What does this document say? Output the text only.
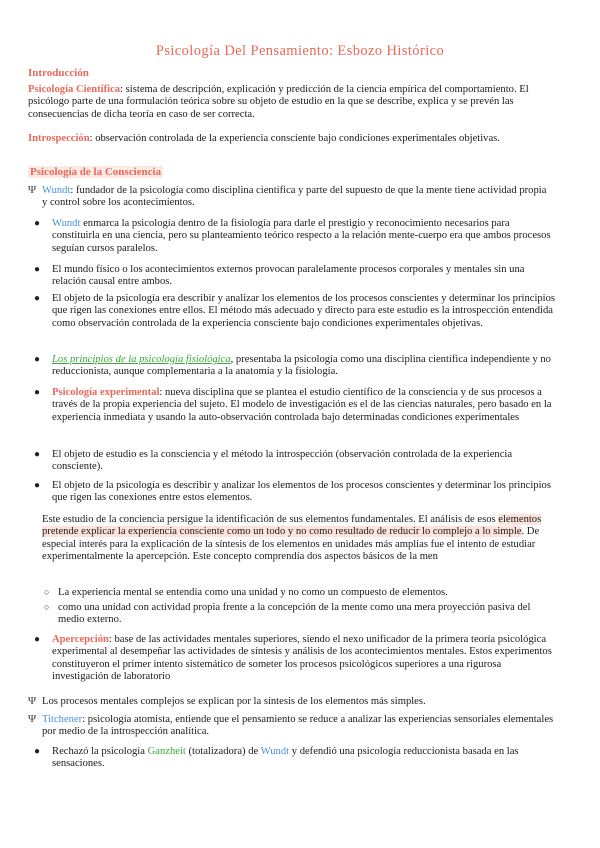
Psicología Del Pensamiento: Esbozo Histórico
Introducción
Psicología Científica: sistema de descripción, explicación y predicción de la ciencia empírica del comportamiento. El psicólogo parte de una formulación teórica sobre su objeto de estudio en la que se describe, explica y se prevén las consecuencias de dicha teoría en caso de ser correcta.
Introspección: observación controlada de la experiencia consciente bajo condiciones experimentales objetivas.
Psicología de la Consciencia
Ψ Wundt: fundador de la psicología como disciplina científica y parte del supuesto de que la mente tiene actividad propia y control sobre los acontecimientos.
● Wundt enmarca la psicología dentro de la fisiología para darle el prestigio y reconocimiento necesarios para constituirla en una ciencia, pero su planteamiento teórico respecto a la relación mente-cuerpo era que ambos procesos seguían cursos paralelos.
● El mundo físico o los acontecimientos externos provocan paralelamente procesos corporales y mentales sin una relación causal entre ambos.
● El objeto de la psicología era describir y analizar los elementos de los procesos conscientes y determinar los principios que rigen las conexiones entre ellos. El método más adecuado y directo para este estudio es la introspección entendida como observación controlada de la experiencia consciente bajo condiciones experimentales objetivas.
● Los principios de la psicología fisiológica, presentaba la psicología como una disciplina científica independiente y no reduccionista, aunque complementaria a la anatomía y la fisiología.
● Psicología experimental: nueva disciplina que se plantea el estudio científico de la consciencia y de sus procesos a través de la propia experiencia del sujeto. El modelo de investigación es el de las ciencias naturales, pero basado en la experiencia inmediata y usando la auto-observación controlada bajo determinadas condiciones experimentales
● El objeto de estudio es la consciencia y el método la introspección (observación controlada de la experiencia consciente).
● El objeto de la psicología es describir y analizar los elementos de los procesos conscientes y determinar los principios que rigen las conexiones entre estos elementos.
Este estudio de la conciencia persigue la identificación de sus elementos fundamentales. El análisis de esos elementos pretende explicar la experiencia consciente como un todo y no como resultado de reducir lo complejo a lo simple. De especial interés para la explicación de la síntesis de los elementos en unidades más amplias fue el intento de estudiar experimentalmente la apercepción. Este concepto comprendía dos aspectos básicos de la men
○ La experiencia mental se entendía como una unidad y no como un compuesto de elementos.
○ como una unidad con actividad propia frente a la concepción de la mente como una mera proyección pasiva del medio externo.
● Apercepción: base de las actividades mentales superiores, siendo el nexo unificador de la primera teoría psicológica experimental al desempeñar las actividades de síntesis y análisis de los acontecimientos mentales. Estos experimentos constituyeron el primer intento sistemático de someter los procesos psicológicos superiores a una rigurosa investigación de laboratorio
Ψ Los procesos mentales complejos se explican por la síntesis de los elementos más simples.
Ψ Titchener: psicología atomista, entiende que el pensamiento se reduce a analizar las experiencias sensoriales elementales por medio de la introspección analítica.
● Rechazó la psicología Ganzheit (totalizadora) de Wundt y defendió una psicología reduccionista basada en las sensaciones.
